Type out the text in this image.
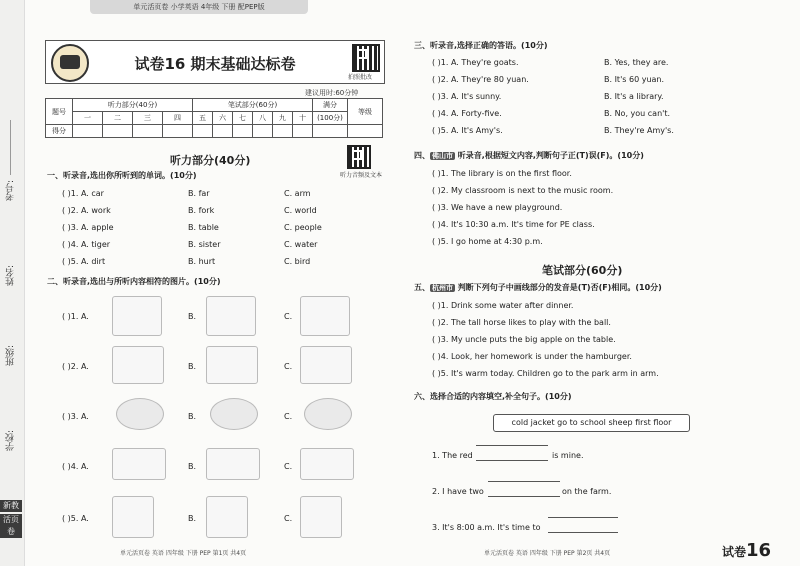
考号:
姓名:
班级:
学校:
新教
活页卷
单元活页卷 小学英语 4年级 下册 配PEP版
试卷16 期末基础达标卷
拍照批改
建议用时:60分钟
题号	听力部分(40分)				笔试部分(60分)						满分	等级
	一	二	三	四	五	六	七	八	九	十	(100分)	
得分												
听力部分(40分)
听力音频及文本
一、听录音,选出你所听到的单词。(10分)
( )1. A. car	B. far	C. arm
( )2. A. work	B. fork	C. world
( )3. A. apple	B. table	C. people
( )4. A. tiger	B. sister	C. water
( )5. A. dirt	B. hurt	C. bird
二、听录音,选出与所听内容相符的图片。(10分)
( )1. A.	B.	C.
( )2. A.	B.	C.
( )3. A.	B.	C.
( )4. A.	B.	C.
( )5. A.	B.	C.
单元活页卷 英语 四年级 下册 PEP 第1页 共4页
三、听录音,选择正确的答语。(10分)
( )1. A. They're goats.	B. Yes, they are.
( )2. A. They're 80 yuan.	B. It's 60 yuan.
( )3. A. It's sunny.	B. It's a library.
( )4. A. Forty-five.	B. No, you can't.
( )5. A. It's Amy's.	B. They're Amy's.
四、 佛山市 听录音,根据短文内容,判断句子正(T)误(F)。(10分)
( )1. The library is on the first floor.
( )2. My classroom is next to the music room.
( )3. We have a new playground.
( )4. It's 10:30 a.m. It's time for PE class.
( )5. I go home at 4:30 p.m.
笔试部分(60分)
五、 杭州市 判断下列句子中画线部分的发音是(T)否(F)相同。(10分)
( )1. Drink some water after dinner.
( )2. The tall horse likes to play with the ball.
( )3. My uncle puts the big apple on the table.
( )4. Look, her homework is under the hamburger.
( )5. It's warm today. Children go to the park arm in arm.
六、选择合适的内容填空,补全句子。(10分)
cold jacket go to school sheep first floor
1. The red	is mine.
2. I have two	on the farm.
3. It's 8:00 a.m. It's time to
单元活页卷 英语 四年级 下册 PEP 第2页 共4页	试卷16
